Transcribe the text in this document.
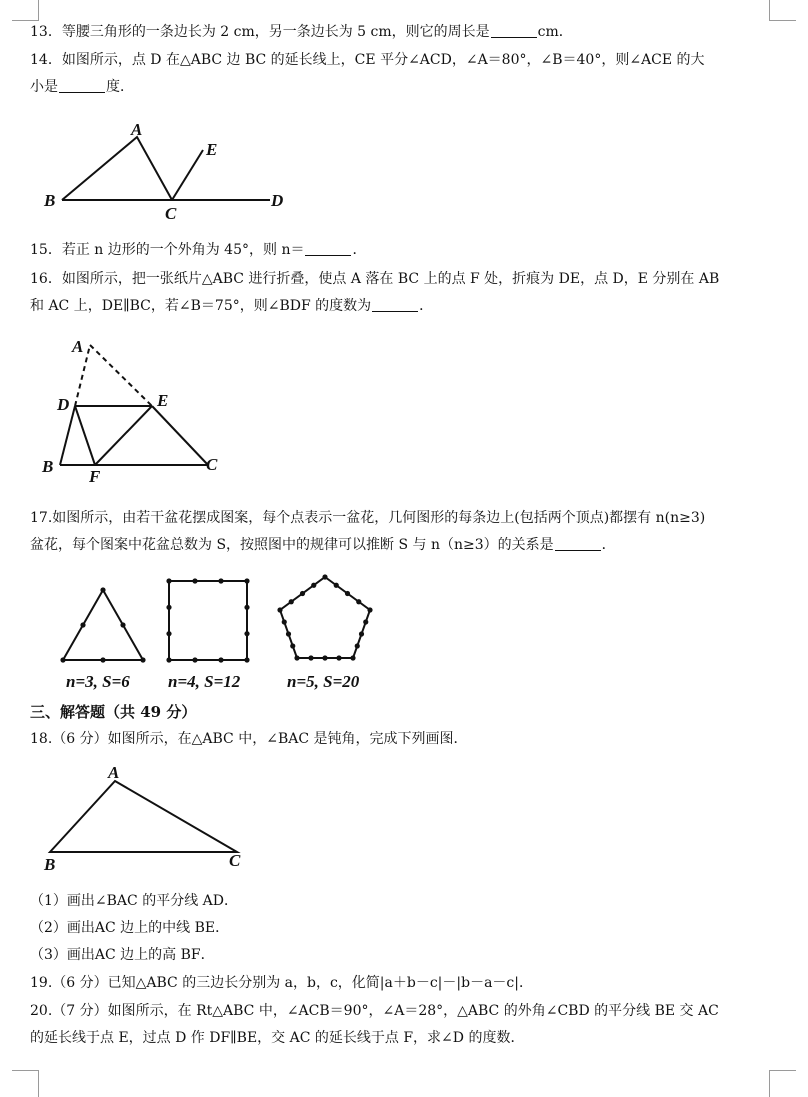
13．等腰三角形的一条边长为 2 cm，另一条边长为 5 cm，则它的周长是	cm．
14．如图所示，点 D 在△ABC 边 BC 的延长线上，CE 平分∠ACD，∠A＝80°，∠B＝40°，则∠ACE 的大
小是	度．
A
B
C
D
E
15．若正 n 边形的一个外角为 45°，则 n＝	．
16．如图所示，把一张纸片△ABC 进行折叠，使点 A 落在 BC 上的点 F 处，折痕为 DE，点 D，E 分别在 AB
和 AC 上，DE∥BC，若∠B＝75°，则∠BDF 的度数为	．
A
D	E
B
F
C
17.如图所示，由若干盆花摆成图案，每个点表示一盆花，几何图形的每条边上(包括两个顶点)都摆有 n(n≥3)
盆花，每个图案中花盆总数为 S，按照图中的规律可以推断 S 与 n（n≥3）的关系是	．
n=3, S=6 n=4, S=12	n=5, S=20
三、解答题（共 49 分）
18.（6 分）如图所示，在△ABC 中，∠BAC 是钝角，完成下列画图．
A
B	C
（1）画出∠BAC 的平分线 AD．
（2）画出AC 边上的中线 BE．
（3）画出AC 边上的高 BF．
19.（6 分）已知△ABC 的三边长分别为 a，b，c，化简|a＋b－c|－|b－a－c|．
20.（7 分）如图所示，在 Rt△ABC 中，∠ACB＝90°，∠A＝28°，△ABC 的外角∠CBD 的平分线 BE 交 AC
的延长线于点 E，过点 D 作 DF∥BE，交 AC 的延长线于点 F，求∠D 的度数．
